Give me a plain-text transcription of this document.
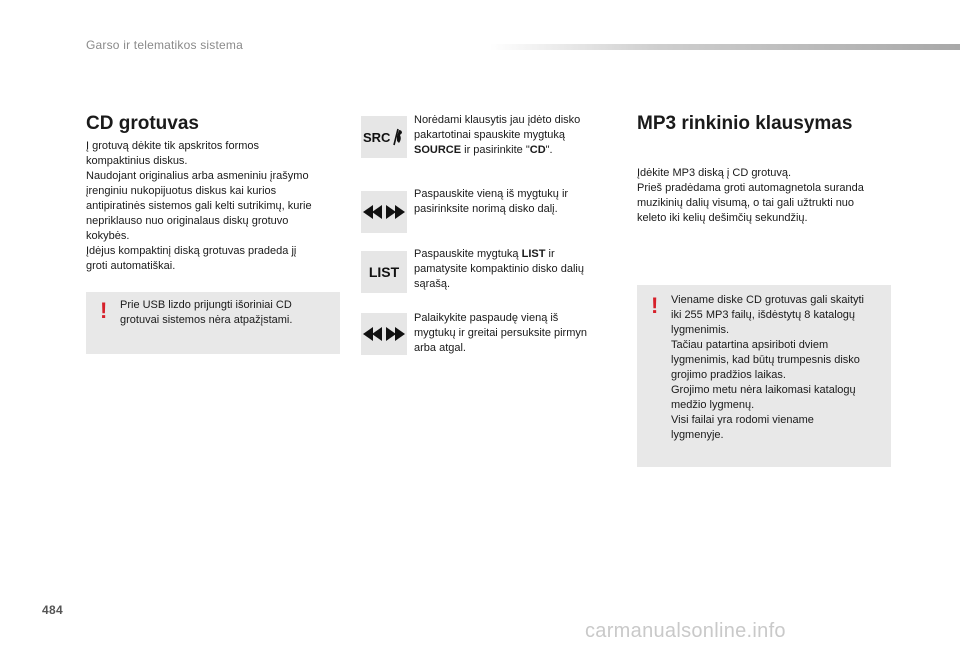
Garso ir telematikos sistema
CD grotuvas
Į grotuvą dėkite tik apskritos formos
kompaktinius diskus.
Naudojant originalius arba asmeniniu įrašymo
įrenginiu nukopijuotus diskus kai kurios
antipiratinės sistemos gali kelti sutrikimų, kurie
nepriklauso nuo originalaus diskų grotuvo
kokybės.
Įdėjus kompaktinį diską grotuvas pradeda jį
groti automatiškai.
! Prie USB lizdo prijungti išoriniai CD
grotuvai sistemos nėra atpažįstami.
SRC
Norėdami klausytis jau įdėto disko
pakartotinai spauskite mygtuką
SOURCE ir pasirinkite "CD".
Paspauskite vieną iš mygtukų ir
pasirinksite norimą disko dalį.
LIST
Paspauskite mygtuką LIST ir
pamatysite kompaktinio disko dalių
sąrašą.
Palaikykite paspaudę vieną iš
mygtukų ir greitai persuksite pirmyn
arba atgal.
MP3 rinkinio klausymas
Įdėkite MP3 diską į CD grotuvą.
Prieš pradėdama groti automagnetola suranda
muzikinių dalių visumą, o tai gali užtrukti nuo
keleto iki kelių dešimčių sekundžių.
! Viename diske CD grotuvas gali skaityti
iki 255 MP3 failų, išdėstytų 8 katalogų
lygmenimis.
Tačiau patartina apsiriboti dviem
lygmenimis, kad būtų trumpesnis disko
grojimo pradžios laikas.
Grojimo metu nėra laikomasi katalogų
medžio lygmenų.
Visi failai yra rodomi viename
lygmenyje.
484
carmanualsonline.info
